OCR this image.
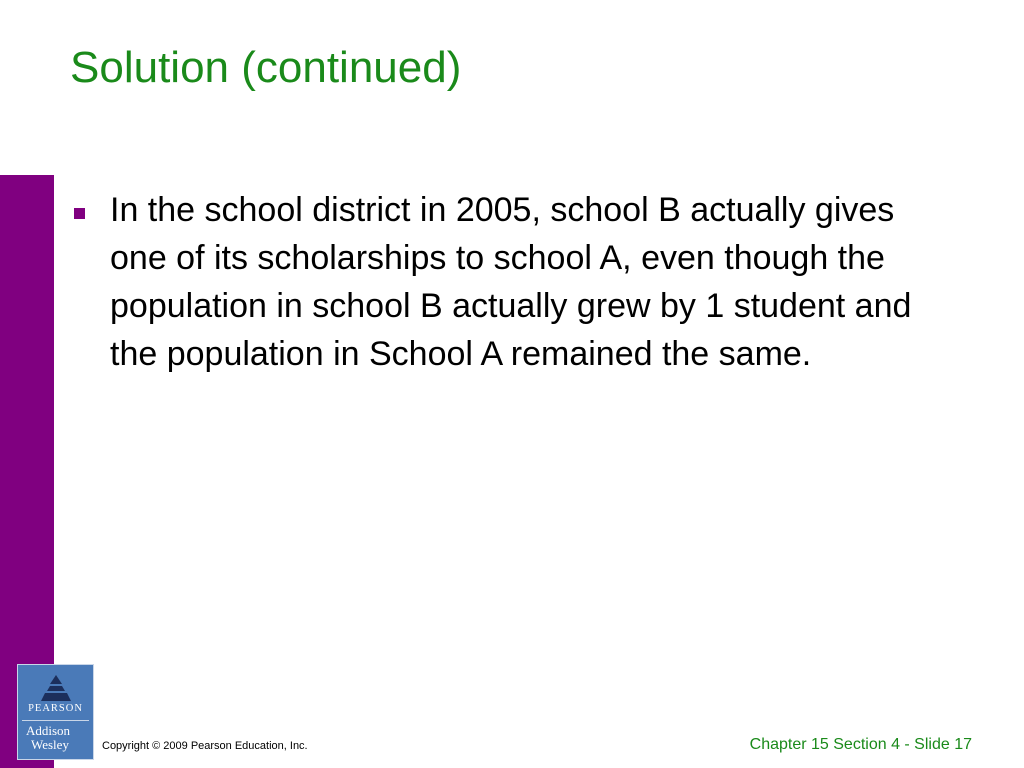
Solution (continued)
In the school district in 2005, school B actually gives one of its scholarships to school A, even though the population in school B actually grew by 1 student and the population in School A remained the same.
PEARSON
Addison
Wesley	Copyright © 2009 Pearson Education, Inc.	Chapter 15 Section 4 - Slide 17
